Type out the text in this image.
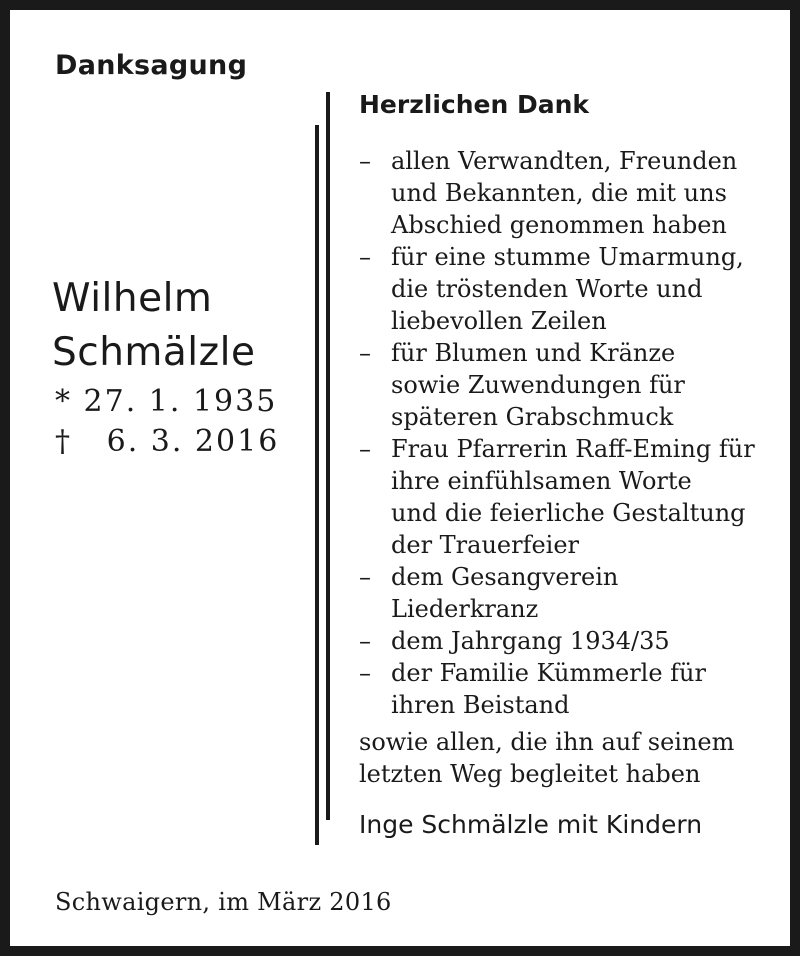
Danksagung
Wilhelm
Schmälzle
* 27. 1. 1935
† 6. 3. 2016
Herzlichen Dank
– allen Verwandten, Freunden
und Bekannten, die mit uns
Abschied genommen haben
– für eine stumme Umarmung,
die tröstenden Worte und
liebevollen Zeilen
– für Blumen und Kränze
sowie Zuwendungen für
späteren Grabschmuck
– Frau Pfarrerin Raff-Eming für
ihre einfühlsamen Worte
und die feierliche Gestaltung
der Trauerfeier
– dem Gesangverein
Liederkranz
– dem Jahrgang 1934/35
– der Familie Kümmerle für
ihren Beistand
sowie allen, die ihn auf seinem
letzten Weg begleitet haben
Inge Schmälzle mit Kindern
Schwaigern, im März 2016
